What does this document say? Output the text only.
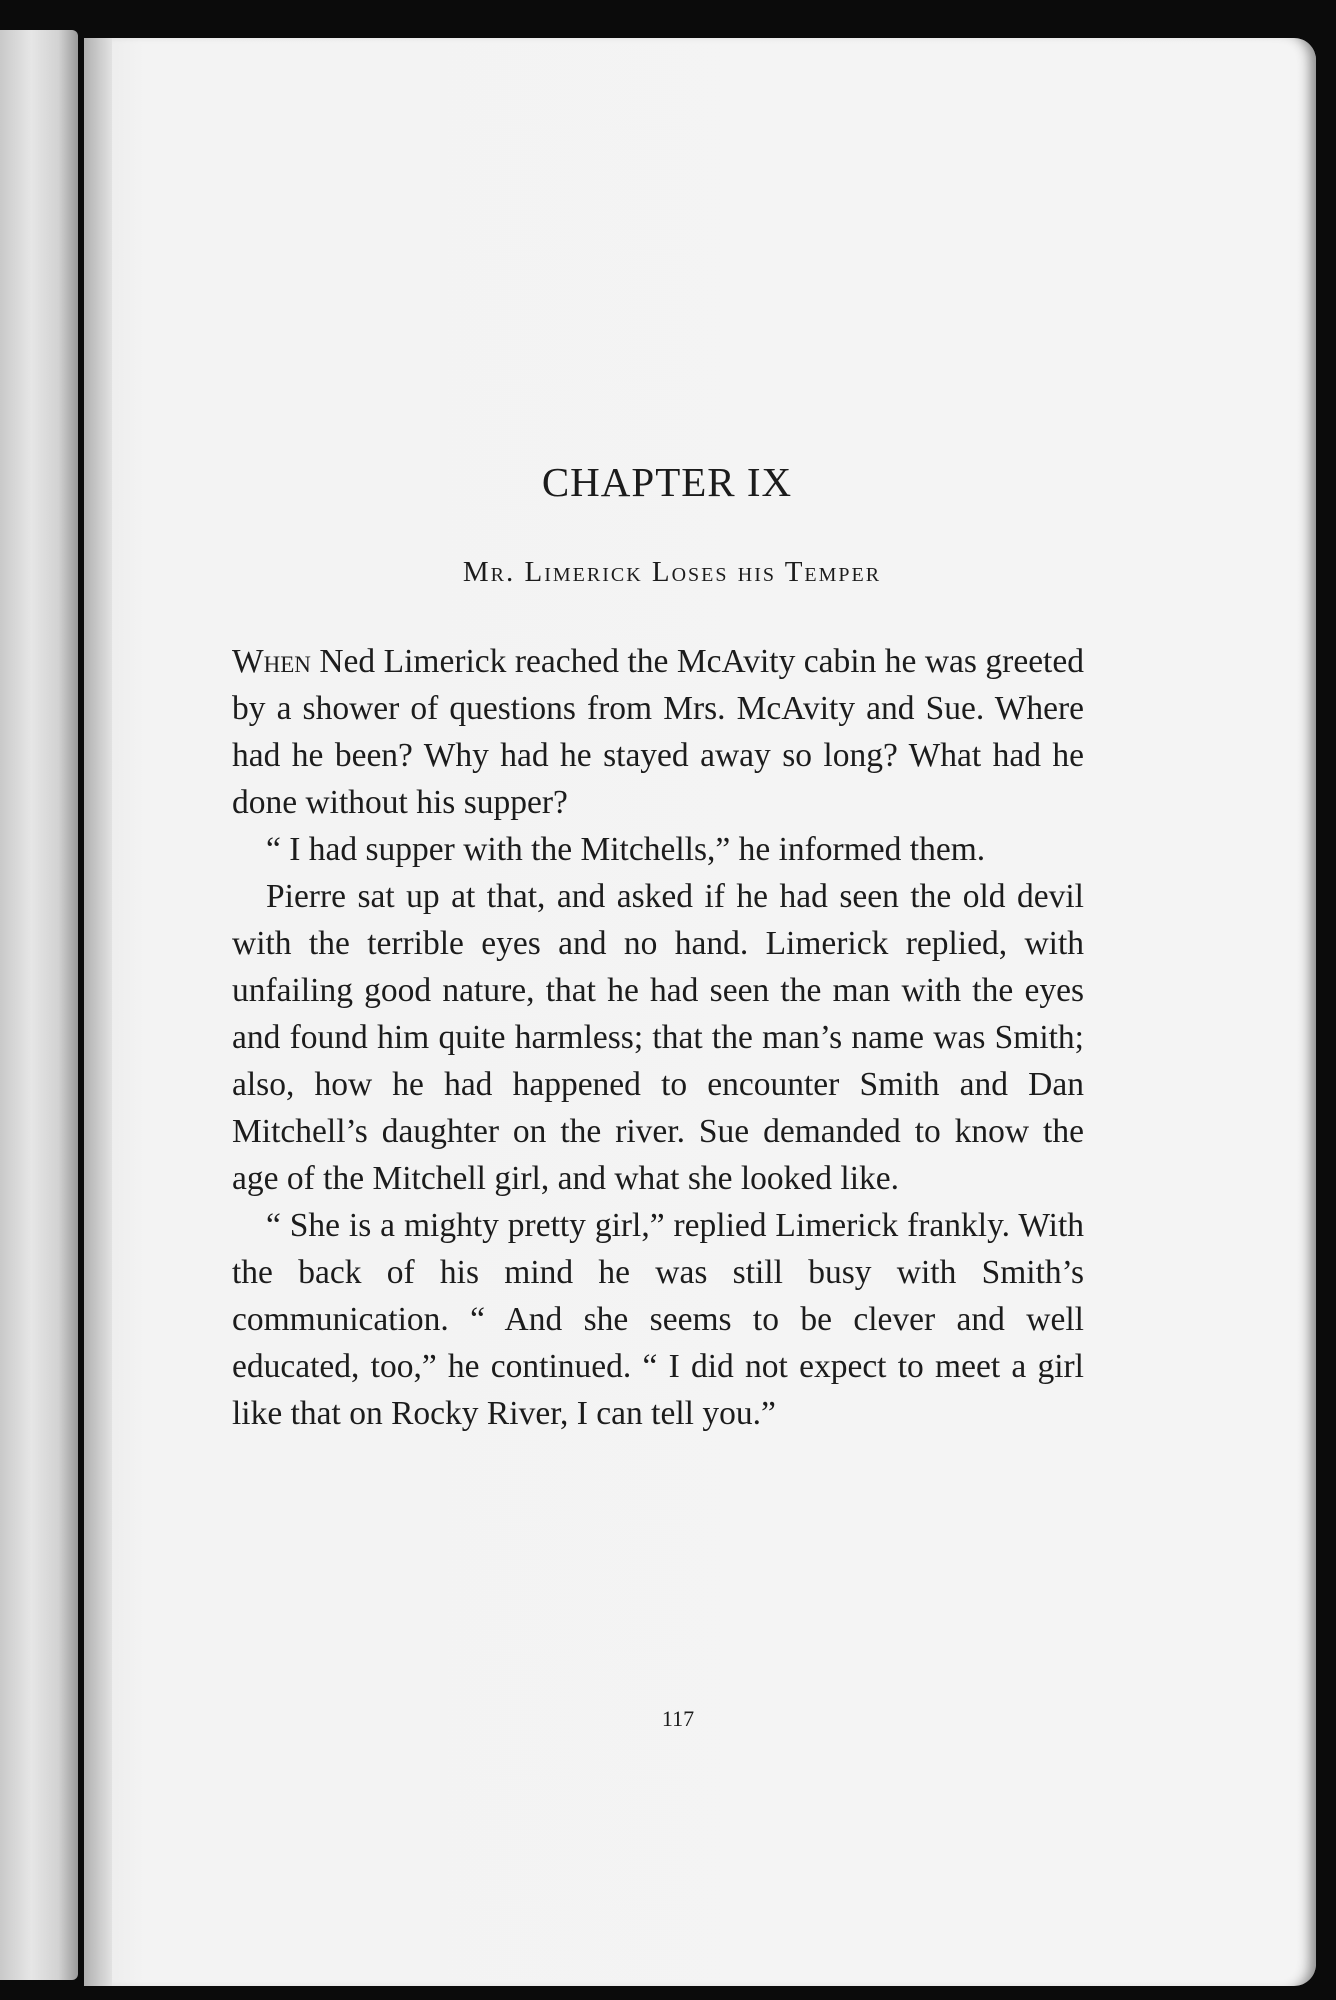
CHAPTER IX
Mr. Limerick Loses his Temper

When Ned Limerick reached the McAvity cabin he was greeted by a shower of questions from Mrs. McAvity and Sue. Where had he been? Why had he stayed away so long? What had he done without his supper?

“ I had supper with the Mitchells,” he informed them.

Pierre sat up at that, and asked if he had seen the old devil with the terrible eyes and no hand. Limerick replied, with unfailing good nature, that he had seen the man with the eyes and found him quite harmless; that the man’s name was Smith; also, how he had happened to encounter Smith and Dan Mitchell’s daughter on the river. Sue demanded to know the age of the Mitchell girl, and what she looked like.

“ She is a mighty pretty girl,” replied Limerick frankly. With the back of his mind he was still busy with Smith’s communication. “ And she seems to be clever and well educated, too,” he continued. “ I did not expect to meet a girl like that on Rocky River, I can tell you.”

117
